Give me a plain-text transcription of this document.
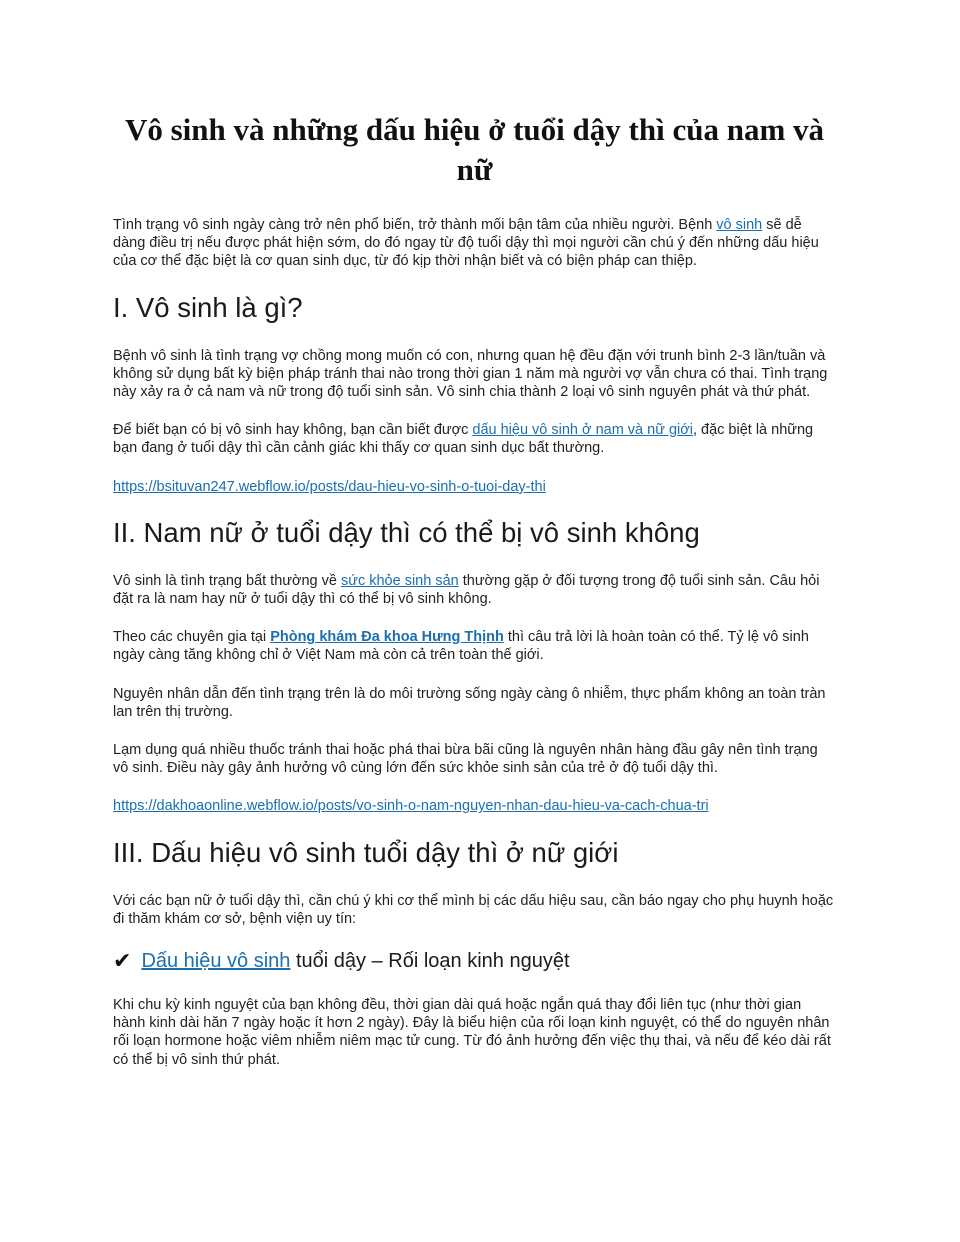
Vô sinh và những dấu hiệu ở tuổi dậy thì của nam và nữ

Tình trạng vô sinh ngày càng trở nên phổ biến, trở thành mối bận tâm của nhiều người. Bệnh vô sinh sẽ dễ dàng điều trị nếu được phát hiện sớm, do đó ngay từ độ tuổi dậy thì mọi người cần chú ý đến những dấu hiệu của cơ thể đặc biệt là cơ quan sinh dục, từ đó kịp thời nhận biết và có biện pháp can thiệp.

I. Vô sinh là gì?

Bệnh vô sinh là tình trạng vợ chồng mong muốn có con, nhưng quan hệ đều đặn với trunh bình 2-3 lần/tuần và không sử dụng bất kỳ biện pháp tránh thai nào trong thời gian 1 năm mà người vợ vẫn chưa có thai. Tình trạng này xảy ra ở cả nam và nữ trong độ tuổi sinh sản. Vô sinh chia thành 2 loại vô sinh nguyên phát và thứ phát.

Để biết bạn có bị vô sinh hay không, bạn cần biết được dấu hiệu vô sinh ở nam và nữ giới, đặc biệt là những bạn đang ở tuổi dậy thì cần cảnh giác khi thấy cơ quan sinh dục bất thường.

https://bsituvan247.webflow.io/posts/dau-hieu-vo-sinh-o-tuoi-day-thi

II. Nam nữ ở tuổi dậy thì có thể bị vô sinh không

Vô sinh là tình trạng bất thường về sức khỏe sinh sản thường gặp ở đối tượng trong độ tuổi sinh sản. Câu hỏi đặt ra là nam hay nữ ở tuổi dậy thì có thể bị vô sinh không.

Theo các chuyên gia tại Phòng khám Đa khoa Hưng Thịnh thì câu trả lời là hoàn toàn có thể. Tỷ lệ vô sinh ngày càng tăng không chỉ ở Việt Nam mà còn cả trên toàn thế giới.

Nguyên nhân dẫn đến tình trạng trên là do môi trường sống ngày càng ô nhiễm, thực phẩm không an toàn tràn lan trên thị trường.

Lạm dụng quá nhiều thuốc tránh thai hoặc phá thai bừa bãi cũng là nguyên nhân hàng đầu gây nên tình trạng vô sinh. Điều này gây ảnh hưởng vô cùng lớn đến sức khỏe sinh sản của trẻ ở độ tuổi dậy thì.

https://dakhoaonline.webflow.io/posts/vo-sinh-o-nam-nguyen-nhan-dau-hieu-va-cach-chua-tri

III. Dấu hiệu vô sinh tuổi dậy thì ở nữ giới

Với các bạn nữ ở tuổi dậy thì, cần chú ý khi cơ thể mình bị các dấu hiệu sau, cần báo ngay cho phụ huynh hoặc đi thăm khám cơ sở, bệnh viện uy tín:

✔ Dấu hiệu vô sinh tuổi dậy – Rối loạn kinh nguyệt

Khi chu kỳ kinh nguyệt của bạn không đều, thời gian dài quá hoặc ngắn quá thay đổi liên tục (như thời gian hành kinh dài hăn 7 ngày hoặc ít hơn 2 ngày). Đây là biểu hiện của rối loạn kinh nguyệt, có thể do nguyên nhân rối loạn hormone hoặc viêm nhiễm niêm mạc tử cung. Từ đó ảnh hưởng đến việc thụ thai, và nếu để kéo dài rất có thể bị vô sinh thứ phát.
